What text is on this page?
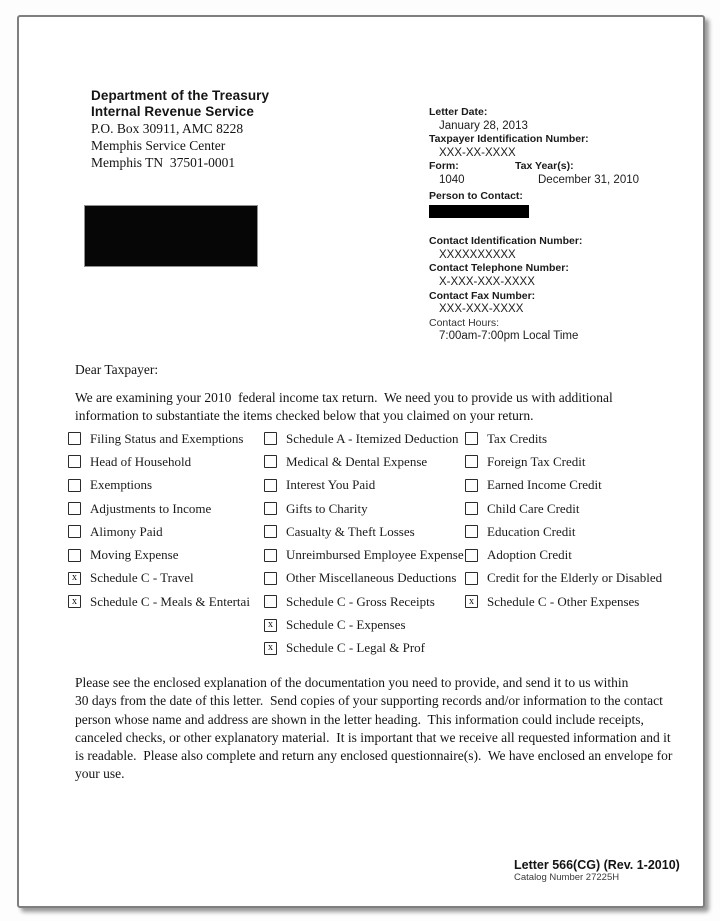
Department of the Treasury
Internal Revenue Service
P.O. Box 30911, AMC 8228
Memphis Service Center
Memphis TN  37501-0001
Letter Date:
January 28, 2013
Taxpayer Identification Number:
XXX-XX-XXXX
Form:	Tax Year(s):
1040	December 31, 2010
Person to Contact:
Contact Identification Number:
XXXXXXXXXX
Contact Telephone Number:
X-XXX-XXX-XXXX
Contact Fax Number:
XXX-XXX-XXXX
Contact Hours:
7:00am-7:00pm Local Time
Dear Taxpayer:
We are examining your 2010  federal income tax return.  We need you to provide us with additional
information to substantiate the items checked below that you claimed on your return.
Filing Status and Exemptions
Head of Household
Exemptions
Adjustments to Income
Alimony Paid
Moving Expense
x	Schedule C - Travel
x	Schedule C - Meals & Entertai
Schedule A - Itemized Deduction
Medical & Dental Expense
Interest You Paid
Gifts to Charity
Casualty & Theft Losses
Unreimbursed Employee Expense
Other Miscellaneous Deductions
Schedule C - Gross Receipts
x	Schedule C - Expenses
x	Schedule C - Legal & Prof
Tax Credits
Foreign Tax Credit
Earned Income Credit
Child Care Credit
Education Credit
Adoption Credit
Credit for the Elderly or Disabled
x	Schedule C - Other Expenses
Please see the enclosed explanation of the documentation you need to provide, and send it to us within
30 days from the date of this letter.  Send copies of your supporting records and/or information to the contact
person whose name and address are shown in the letter heading.  This information could include receipts,
canceled checks, or other explanatory material.  It is important that we receive all requested information and it
is readable.  Please also complete and return any enclosed questionnaire(s).  We have enclosed an envelope for
your use.
Letter 566(CG) (Rev. 1-2010)
Catalog Number 27225H
